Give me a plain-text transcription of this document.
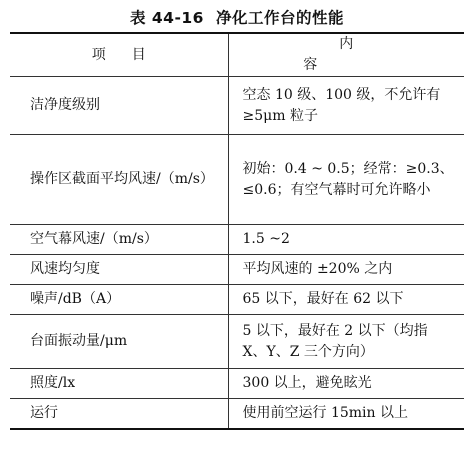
表 44-16 净化工作台的性能
项目	内容
洁净度级别	空态 10 级、100 级，不允许有≥5μm 粒子
操作区截面平均风速/（m/s）	初始：0.4 ~ 0.5；经常：≥0.3、≤0.6；有空气幕时可允许略小
空气幕风速/（m/s）	1.5 ~2
风速均匀度	平均风速的 ±20% 之内
噪声/dB（A）	65 以下，最好在 62 以下
台面振动量/μm	5 以下，最好在 2 以下（均指 X、Y、Z 三个方向）
照度/lx	300 以上，避免眩光
运行	使用前空运行 15min 以上
